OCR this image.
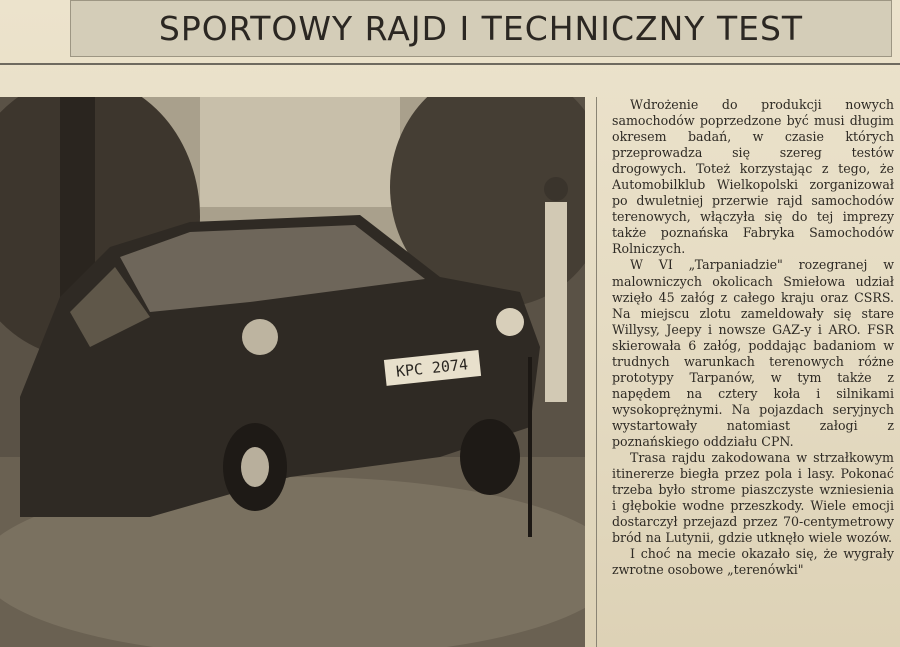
SPORTOWY RAJD I TECHNICZNY TEST
KPC 2074

Wdrożenie do produkcji nowych samochodów poprzedzone być musi długim okresem badań, w czasie których przeprowadza się szereg testów drogowych. Toteż korzystając z tego, że Automobilklub Wielkopolski zorganizował po dwuletniej przerwie rajd samochodów terenowych, włączyła się do tej imprezy także poznańska Fabryka Samochodów Rolniczych.

W VI „Tarpaniadzie" rozegranej w malowniczych okolicach Smiełowa udział wzięło 45 załóg z całego kraju oraz CSRS. Na miejscu zlotu zameldowały się stare Willysy, Jeepy i nowsze GAZ-y i ARO. FSR skierowała 6 załóg, poddając badaniom w trudnych warunkach terenowych różne prototypy Tarpanów, w tym także z napędem na cztery koła i silnikami wysokoprężnymi. Na pojazdach seryjnych wystartowały natomiast załogi z poznańskiego oddziału CPN.

Trasa rajdu zakodowana w strzałkowym itinererze biegła przez pola i lasy. Pokonać trzeba było strome piaszczyste wzniesienia i głębokie wodne przeszkody. Wiele emocji dostarczył przejazd przez 70-centymetrowy bród na Lutynii, gdzie utknęło wiele wozów.

I choć na mecie okazało się, że wygrały zwrotne osobowe „terenówki"
